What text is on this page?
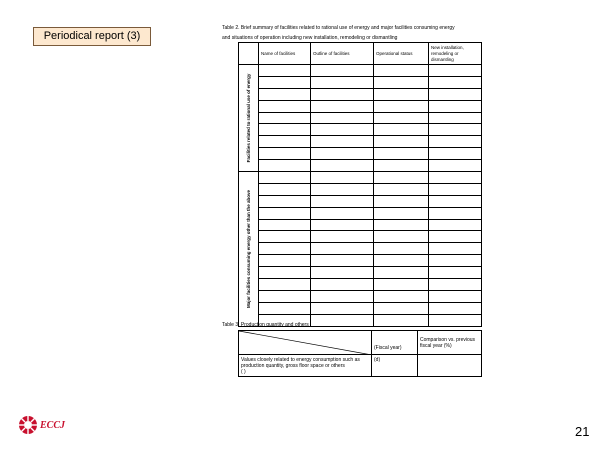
Periodical report (3)
Table 2. Brief summary of facilities related to rational use of energy and major facilities consuming energy
and situations of operation including new installation, remodeling or dismantling
	Name of facilities	Outline of facilities	Operational status	New installation, remodeling or dismantling

Facilities related to rational use of energy				

Major facilities consuming energy other than the above				

Table 3. Production quantity and others
	(Fiscal year)	Comparison vs. previous fiscal year (%)

Values closely related to energy consumption such as production quantity, gross floor space or others
( )	(d)	
ECCJ	21
